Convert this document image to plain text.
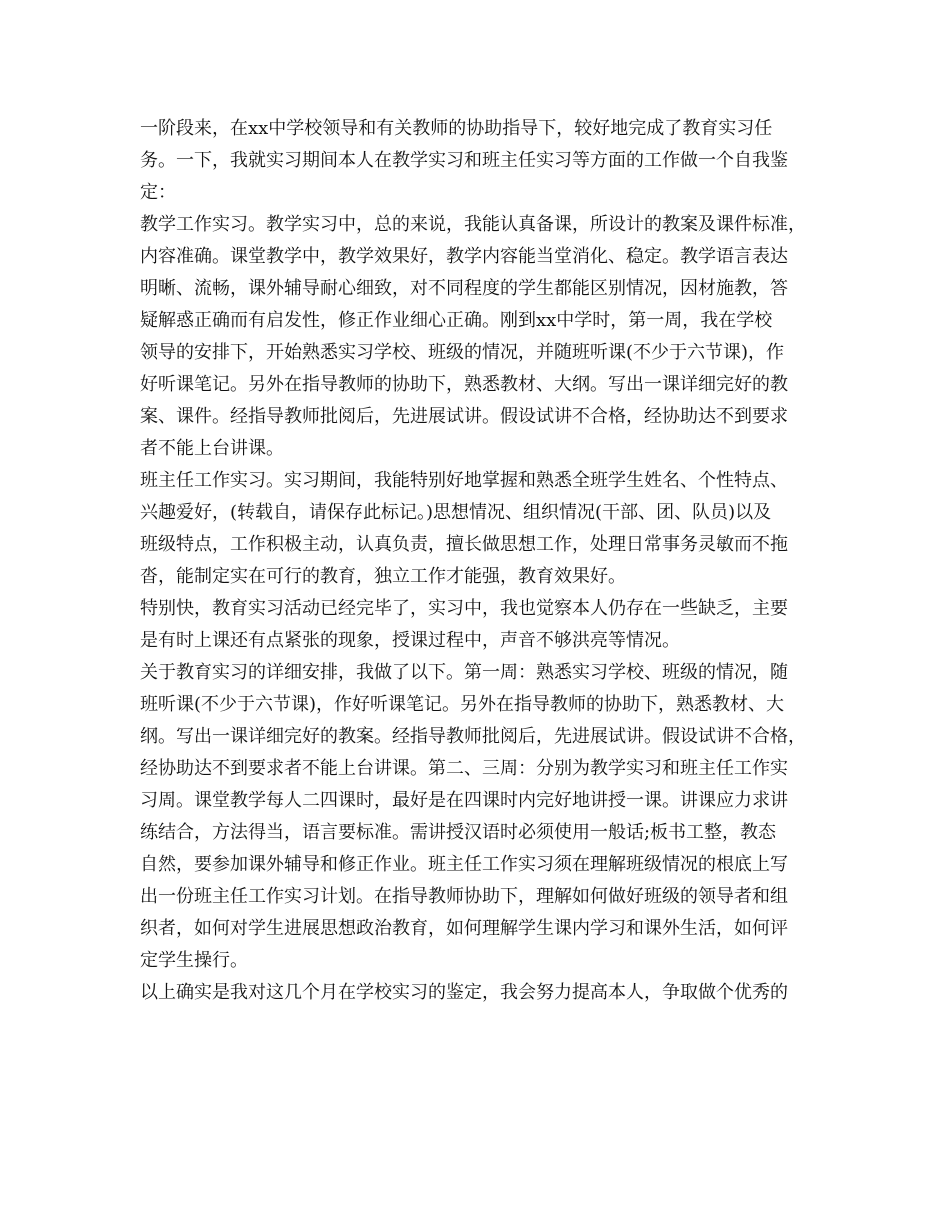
一阶段来，在xx中学校领导和有关教师的协助指导下，较好地完成了教育实习任
务。一下，我就实习期间本人在教学实习和班主任实习等方面的工作做一个自我鉴
定：
教学工作实习。教学实习中，总的来说，我能认真备课，所设计的教案及课件标准，
内容准确。课堂教学中，教学效果好，教学内容能当堂消化、稳定。教学语言表达
明晰、流畅，课外辅导耐心细致，对不同程度的学生都能区别情况，因材施教，答
疑解惑正确而有启发性，修正作业细心正确。刚到xx中学时，第一周，我在学校
领导的安排下，开始熟悉实习学校、班级的情况，并随班听课(不少于六节课)，作
好听课笔记。另外在指导教师的协助下，熟悉教材、大纲。写出一课详细完好的教
案、课件。经指导教师批阅后，先进展试讲。假设试讲不合格，经协助达不到要求
者不能上台讲课。
班主任工作实习。实习期间，我能特别好地掌握和熟悉全班学生姓名、个性特点、
兴趣爱好，(转载自，请保存此标记。)思想情况、组织情况(干部、团、队员)以及
班级特点，工作积极主动，认真负责，擅长做思想工作，处理日常事务灵敏而不拖
沓，能制定实在可行的教育，独立工作才能强，教育效果好。
特别快，教育实习活动已经完毕了，实习中，我也觉察本人仍存在一些缺乏，主要
是有时上课还有点紧张的现象，授课过程中，声音不够洪亮等情况。
关于教育实习的详细安排，我做了以下。第一周：熟悉实习学校、班级的情况，随
班听课(不少于六节课)，作好听课笔记。另外在指导教师的协助下，熟悉教材、大
纲。写出一课详细完好的教案。经指导教师批阅后，先进展试讲。假设试讲不合格，
经协助达不到要求者不能上台讲课。第二、三周：分别为教学实习和班主任工作实
习周。课堂教学每人二四课时，最好是在四课时内完好地讲授一课。讲课应力求讲
练结合，方法得当，语言要标准。需讲授汉语时必须使用一般话;板书工整，教态
自然，要参加课外辅导和修正作业。班主任工作实习须在理解班级情况的根底上写
出一份班主任工作实习计划。在指导教师协助下，理解如何做好班级的领导者和组
织者，如何对学生进展思想政治教育，如何理解学生课内学习和课外生活，如何评
定学生操行。
以上确实是我对这几个月在学校实习的鉴定，我会努力提高本人，争取做个优秀的
